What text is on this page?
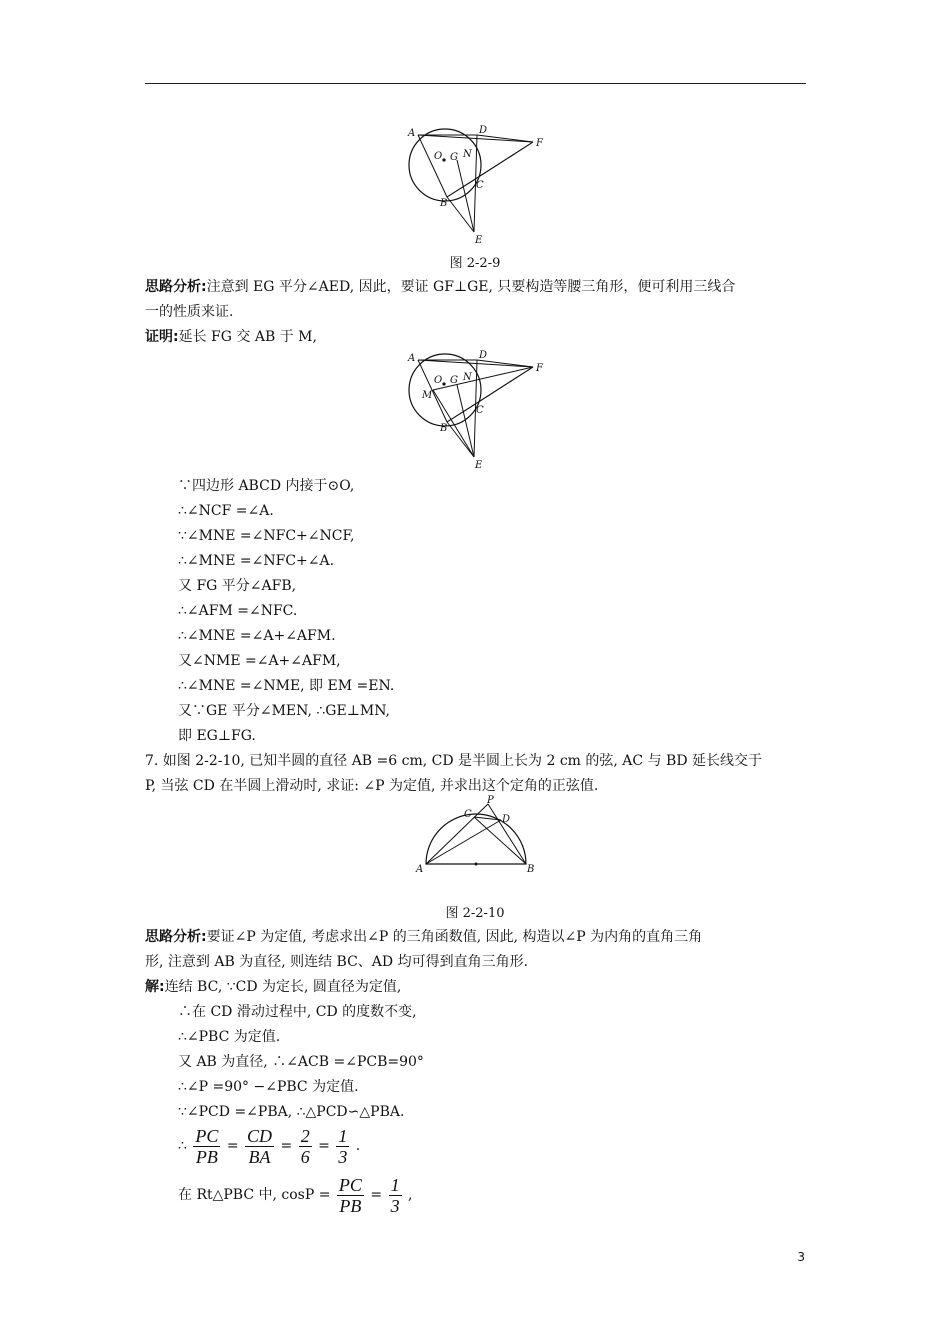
A	D
F
O G N
C
B
E
图 2-2-9
思路分析:注意到 EG 平分∠AED, 因此，要证 GF⊥GE, 只要构造等腰三角形，便可利用三线合
一的性质来证.
证明:延长 FG 交 AB 于 M,
A	D
F
O G N
M
C
B
E
∵四边形 ABCD 内接于⊙O,
∴∠NCF =∠A.
∵∠MNE =∠NFC+∠NCF,
∴∠MNE =∠NFC+∠A.
又 FG 平分∠AFB,
∴∠AFM =∠NFC.
∴∠MNE =∠A+∠AFM.
又∠NME =∠A+∠AFM,
∴∠MNE =∠NME, 即 EM =EN.
又∵GE 平分∠MEN, ∴GE⊥MN,
即 EG⊥FG.
7. 如图 2-2-10, 已知半圆的直径 AB =6 cm, CD 是半圆上长为 2 cm 的弦, AC 与 BD 延长线交于
P, 当弦 CD 在半圆上滑动时, 求证: ∠P 为定值, 并求出这个定角的正弦值.
A	B
C	D
P
图 2-2-10
思路分析:要证∠P 为定值, 考虑求出∠P 的三角函数值, 因此, 构造以∠P 为内角的直角三角
形, 注意到 AB 为直径, 则连结 BC、AD 均可得到直角三角形.
解:连结 BC, ∵CD 为定长, 圆直径为定值,
∴在 CD 滑动过程中, CD 的度数不变,
∴∠PBC 为定值.
又 AB 为直径, ∴∠ACB =∠PCB=90°
∴∠P =90° −∠PBC 为定值.
∵∠PCD =∠PBA, ∴△PCD∽△PBA.
∴ $\frac{PC}{PB} = \frac{CD}{BA} = \frac{2}{6} = \frac{1}{3}$ .
在 Rt△PBC 中, $\cos P = \frac{PC}{PB} = \frac{1}{3}$ ,
3
